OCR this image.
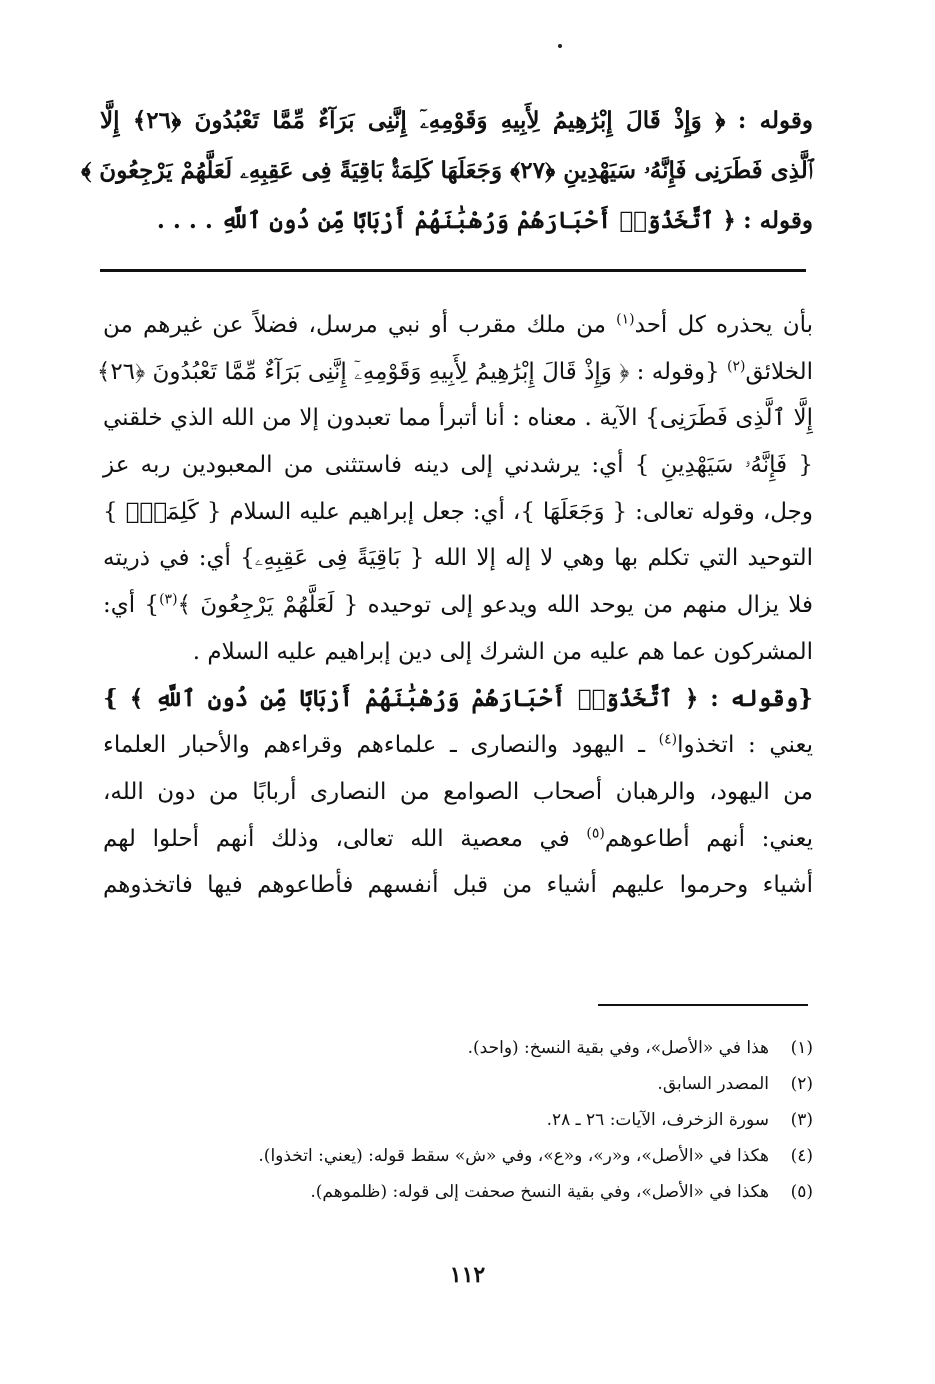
وقوله : ﴿ وَإِذْ قَالَ إِبْرَٰهِيمُ لِأَبِيهِ وَقَوْمِهِۦٓ إِنَّنِى بَرَآءٌ مِّمَّا تَعْبُدُونَ ﴿٢٦﴾ إِلَّا
ٱلَّذِى فَطَرَنِى فَإِنَّهُۥ سَيَهْدِينِ ﴿٢٧﴾ وَجَعَلَهَا كَلِمَةًۢ بَاقِيَةً فِى عَقِبِهِۦ لَعَلَّهُمْ يَرْجِعُونَ ﴾
وقوله : ﴿ ٱتَّخَذُوٓا۟ أَحْبَارَهُمْ وَرُهْبَٰنَهُمْ أَرْبَابًا مِّن دُونِ ٱللَّهِ . . . .
بأن يحذره كل أحد$^{(١)}$ من ملك مقرب أو نبي مرسل، فضلاً عن غيرهم من
الخلائق$^{(٢)}$ {وقوله : ﴿ وَإِذْ قَالَ إِبْرَٰهِيمُ لِأَبِيهِ وَقَوْمِهِۦٓ إِنَّنِى بَرَآءٌ مِّمَّا تَعْبُدُونَ ﴿٢٦﴾
إِلَّا ٱلَّذِى فَطَرَنِى} الآية . معناه : أنا أتبرأ مما تعبدون إلا من الله الذي خلقني
{ فَإِنَّهُۥ سَيَهْدِينِ } أي: يرشدني إلى دينه فاستثنى من المعبودين ربه عز
وجل، وقوله تعالى: { وَجَعَلَهَا }، أي: جعل إبراهيم عليه السلام { كَلِمَةًۢ }
التوحيد التي تكلم بها وهي لا إله إلا الله { بَاقِيَةً فِى عَقِبِهِۦ} أي: في ذريته
فلا يزال منهم من يوحد الله ويدعو إلى توحيده { لَعَلَّهُمْ يَرْجِعُونَ ﴾$^{(٣)}$} أي:
المشركون عما هم عليه من الشرك إلى دين إبراهيم عليه السلام .
{وقوله : ﴿ ٱتَّخَذُوٓا۟ أَحْبَارَهُمْ وَرُهْبَٰنَهُمْ أَرْبَابًا مِّن دُونِ ٱللَّهِ ﴾ }
يعني : اتخذوا$^{(٤)}$ ـ اليهود والنصارى ـ علماءهم وقراءهم والأحبار العلماء
من اليهود، والرهبان أصحاب الصوامع من النصارى أربابًا من دون الله،
يعني: أنهم أطاعوهم$^{(٥)}$ في معصية الله تعالى، وذلك أنهم أحلوا لهم
أشياء وحرموا عليهم أشياء من قبل أنفسهم فأطاعوهم فيها فاتخذوهم
(١)
هذا في «الأصل»، وفي بقية النسخ: (واحد).
(٢)
المصدر السابق.
(٣)
سورة الزخرف، الآيات: ٢٦ ـ ٢٨.
(٤)
هكذا في «الأصل»، و«ر»، و«ع»، وفي «ش» سقط قوله: (يعني: اتخذوا).
(٥)
هكذا في «الأصل»، وفي بقية النسخ صحفت إلى قوله: (ظلموهم).
١١٢
